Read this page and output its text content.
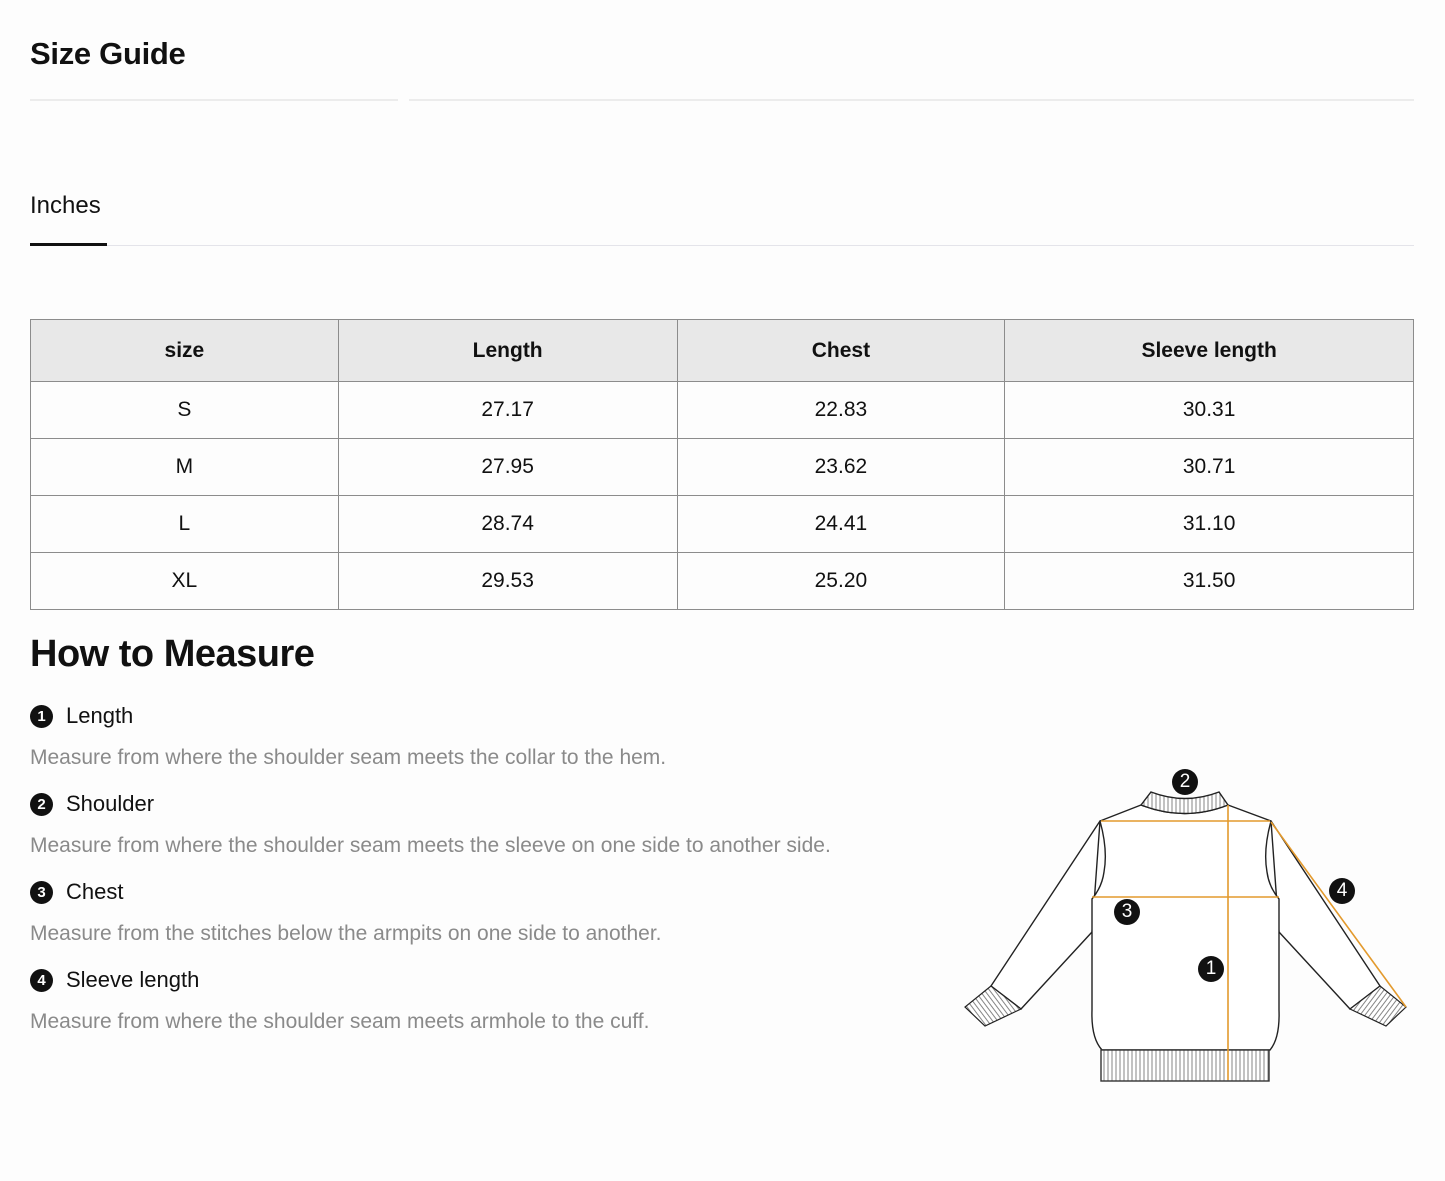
Size Guide
Inches
size	Length	Chest	Sleeve length
S	27.17	22.83	30.31
M	27.95	23.62	30.71
L	28.74	24.41	31.10
XL	29.53	25.20	31.50
How to Measure
1 Length
Measure from where the shoulder seam meets the collar to the hem.
2 Shoulder
Measure from where the shoulder seam meets the sleeve on one side to another side.
3 Chest
Measure from the stitches below the armpits on one side to another.
4 Sleeve length
Measure from where the shoulder seam meets armhole to the cuff.
2
3
1
4
